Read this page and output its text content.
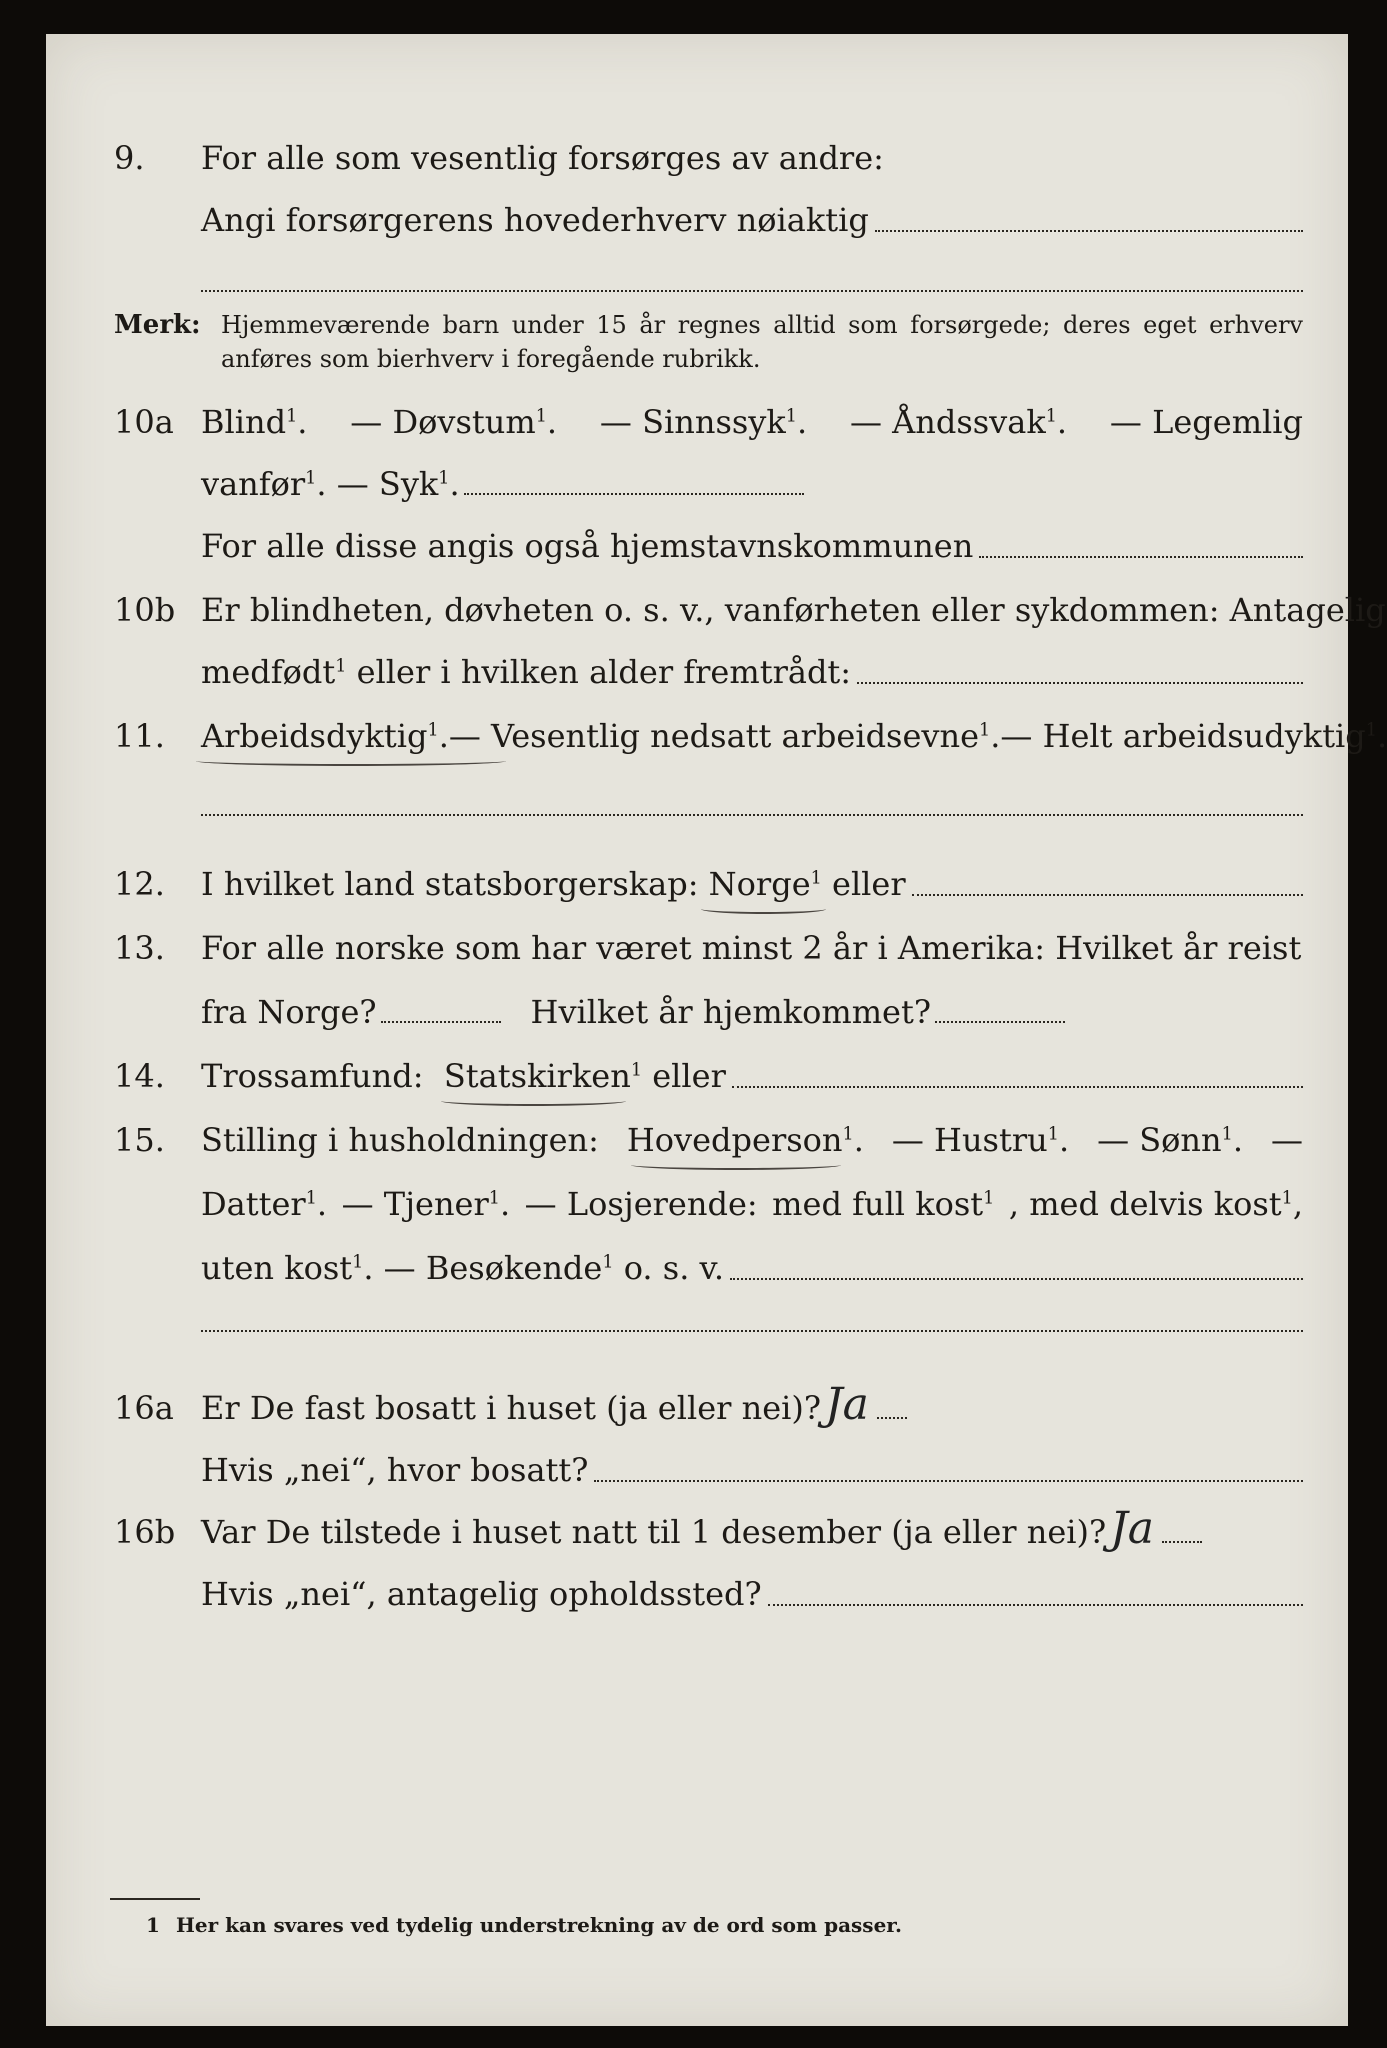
9.	For alle som vesentlig forsørges av andre:
Angi forsørgerens hovederhverv nøiaktig
Merk: Hjemmeværende barn under 15 år regnes alltid som forsørgede; deres eget erhverv anføres som bierhverv i foregående rubrikk.
10a Blind$^1$. — Døvstum$^1$. — Sinnssyk$^1$. — Åndssvak$^1$. — Legemlig
vanfør$^1$.
— Syk$^1$.
For alle disse angis også hjemstavnskommunen
10b Er blindheten, døvheten o. s. v., vanførheten eller sykdommen: Antagelig
medfødt$^1$
eller i hvilken alder fremtrådt:
11.	Arbeidsdyktig$^1$. — Vesentlig nedsatt arbeidsevne$^1$. — Helt arbeidsudyktig$^1$.
12.	I hvilket land statsborgerskap:
Norge$^1$
eller
13.	For alle norske som har været minst 2 år i Amerika: Hvilket år reist
fra Norge?	Hvilket år hjemkommet?
14.	Trossamfund:
Statskirken$^1$
eller
15.	Stilling i husholdningen: Hovedperson$^1$. — Hustru$^1$. — Sønn$^1$. —
Datter$^1$. — Tjener$^1$. — Losjerende: med full kost$^1$ , med delvis kost$^1$,
uten kost$^1$.
— Besøkende$^1$
o. s. v.
16a Er De fast bosatt i huset (ja eller nei)? Ja
Hvis „nei“, hvor bosatt?
16b Var De tilstede i huset natt til 1 desember (ja eller nei)? Ja
Hvis „nei“, antagelig opholdssted?
1 Her kan svares ved tydelig understrekning av de ord som passer.
